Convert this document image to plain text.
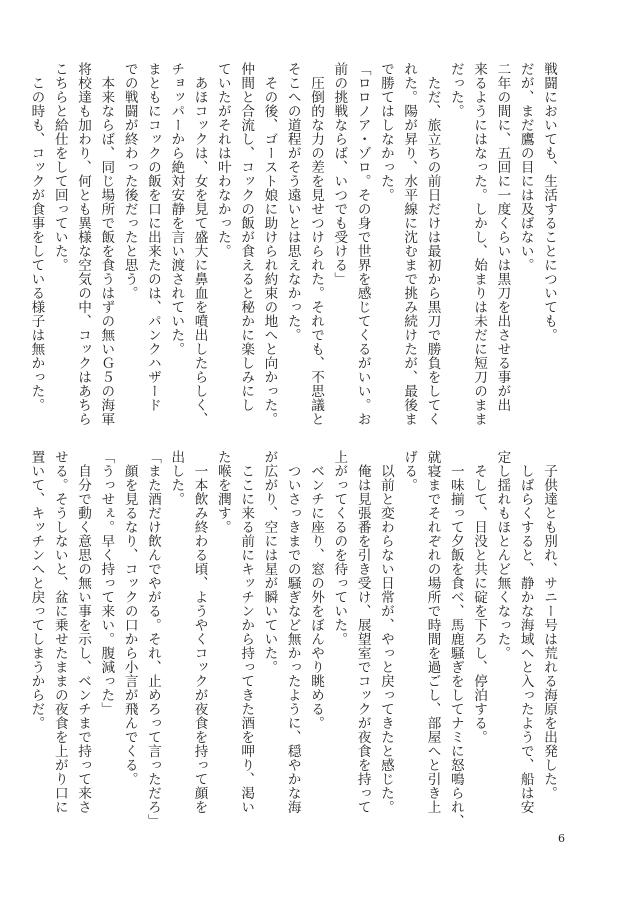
戦闘においても、生活することについても。
だが、まだ鷹の目には及ばない。
二年の間に、五回に一度くらいは黒刀を出させる事が出
来るようにはなった。しかし、始まりは未だに短刀のまま
だった。
　ただ、旅立ちの前日だけは最初から黒刀で勝負をしてく
れた。陽が昇り、水平線に沈むまで挑み続けたが、最後ま
で勝てはしなかった。
「ロロノア・ゾロ。その身で世界を感じてくるがいい。お
前の挑戦ならば、いつでも受ける」
　圧倒的な力の差を見せつけられた。それでも、不思議と
そこへの道程がそう遠いとは思えなかった。
　その後、ゴースト娘に助けられ約束の地へと向かった。
仲間と合流し、コックの飯が食えると秘かに楽しみにし
ていたがそれは叶わなかった。
　あほコックは、女を見て盛大に鼻血を噴出したらしく、
チョッパーから絶対安静を言い渡されていた。
まともにコックの飯を口に出来たのは、パンクハザード
での戦闘が終わった後だったと思う。
　本来ならば、同じ場所で飯を食うはずの無いＧ５の海軍
将校達も加わり、何とも異様な空気の中、コックはあちら
こちらと給仕をして回っていた。
　この時も、コックが食事をしている様子は無かった。
　子供達とも別れ、サニー号は荒れる海原を出発した。
　しばらくすると、静かな海域へと入ったようで、船は安
定し揺れもほとんど無くなった。
　そして、日没と共に碇を下ろし、停泊する。
　一味揃って夕飯を食べ、馬鹿騒ぎをしてナミに怒鳴られ、
就寝までそれぞれの場所で時間を過ごし、部屋へと引き上
げる。
　以前と変わらない日常が、やっと戻ってきたと感じた。
　俺は見張番を引き受け、展望室でコックが夜食を持って
上がってくるのを待っていた。
　ベンチに座り、窓の外をぼんやり眺める。
　ついさっきまでの騒ぎなど無かったように、穏やかな海
が広がり、空には星が瞬いていた。
　ここに来る前にキッチンから持ってきた酒を呷り、渇い
た喉を潤す。
　一本飲み終わる頃、ようやくコックが夜食を持って顔を
出した。
「また酒だけ飲んでやがる。それ、止めろって言っただろ」
　顔を見るなり、コックの口から小言が飛んでくる。
「うっせぇ。早く持って来い。腹減った」
　自分で動く意思の無い事を示し、ベンチまで持って来さ
せる。そうしないと、盆に乗せたままの夜食を上がり口に
置いて、キッチンへと戻ってしまうからだ。
6
